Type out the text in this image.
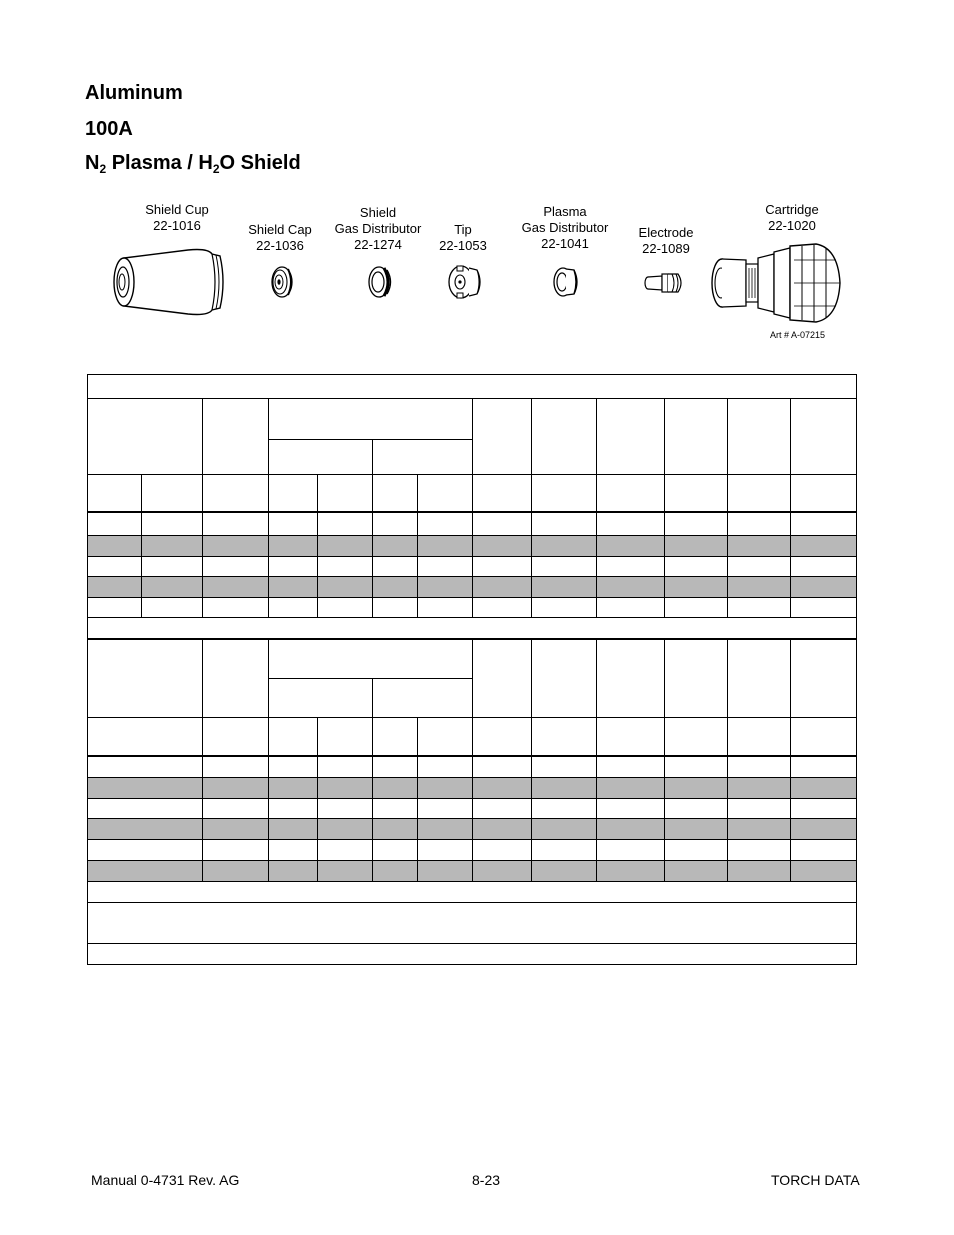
Aluminum
100A
$N_2$ Plasma / $H_2O$ Shield
Shield Cup
22-1016	Shield Cap
22-1036
Shield
Gas Distributor
22-1274
Tip
22-1053
Plasma
Gas Distributor
22-1041
Electrode
22-1089
Cartridge
22-1020
Art # A-07215
Manual 0-4731 Rev. AG	8-23	TORCH DATA
